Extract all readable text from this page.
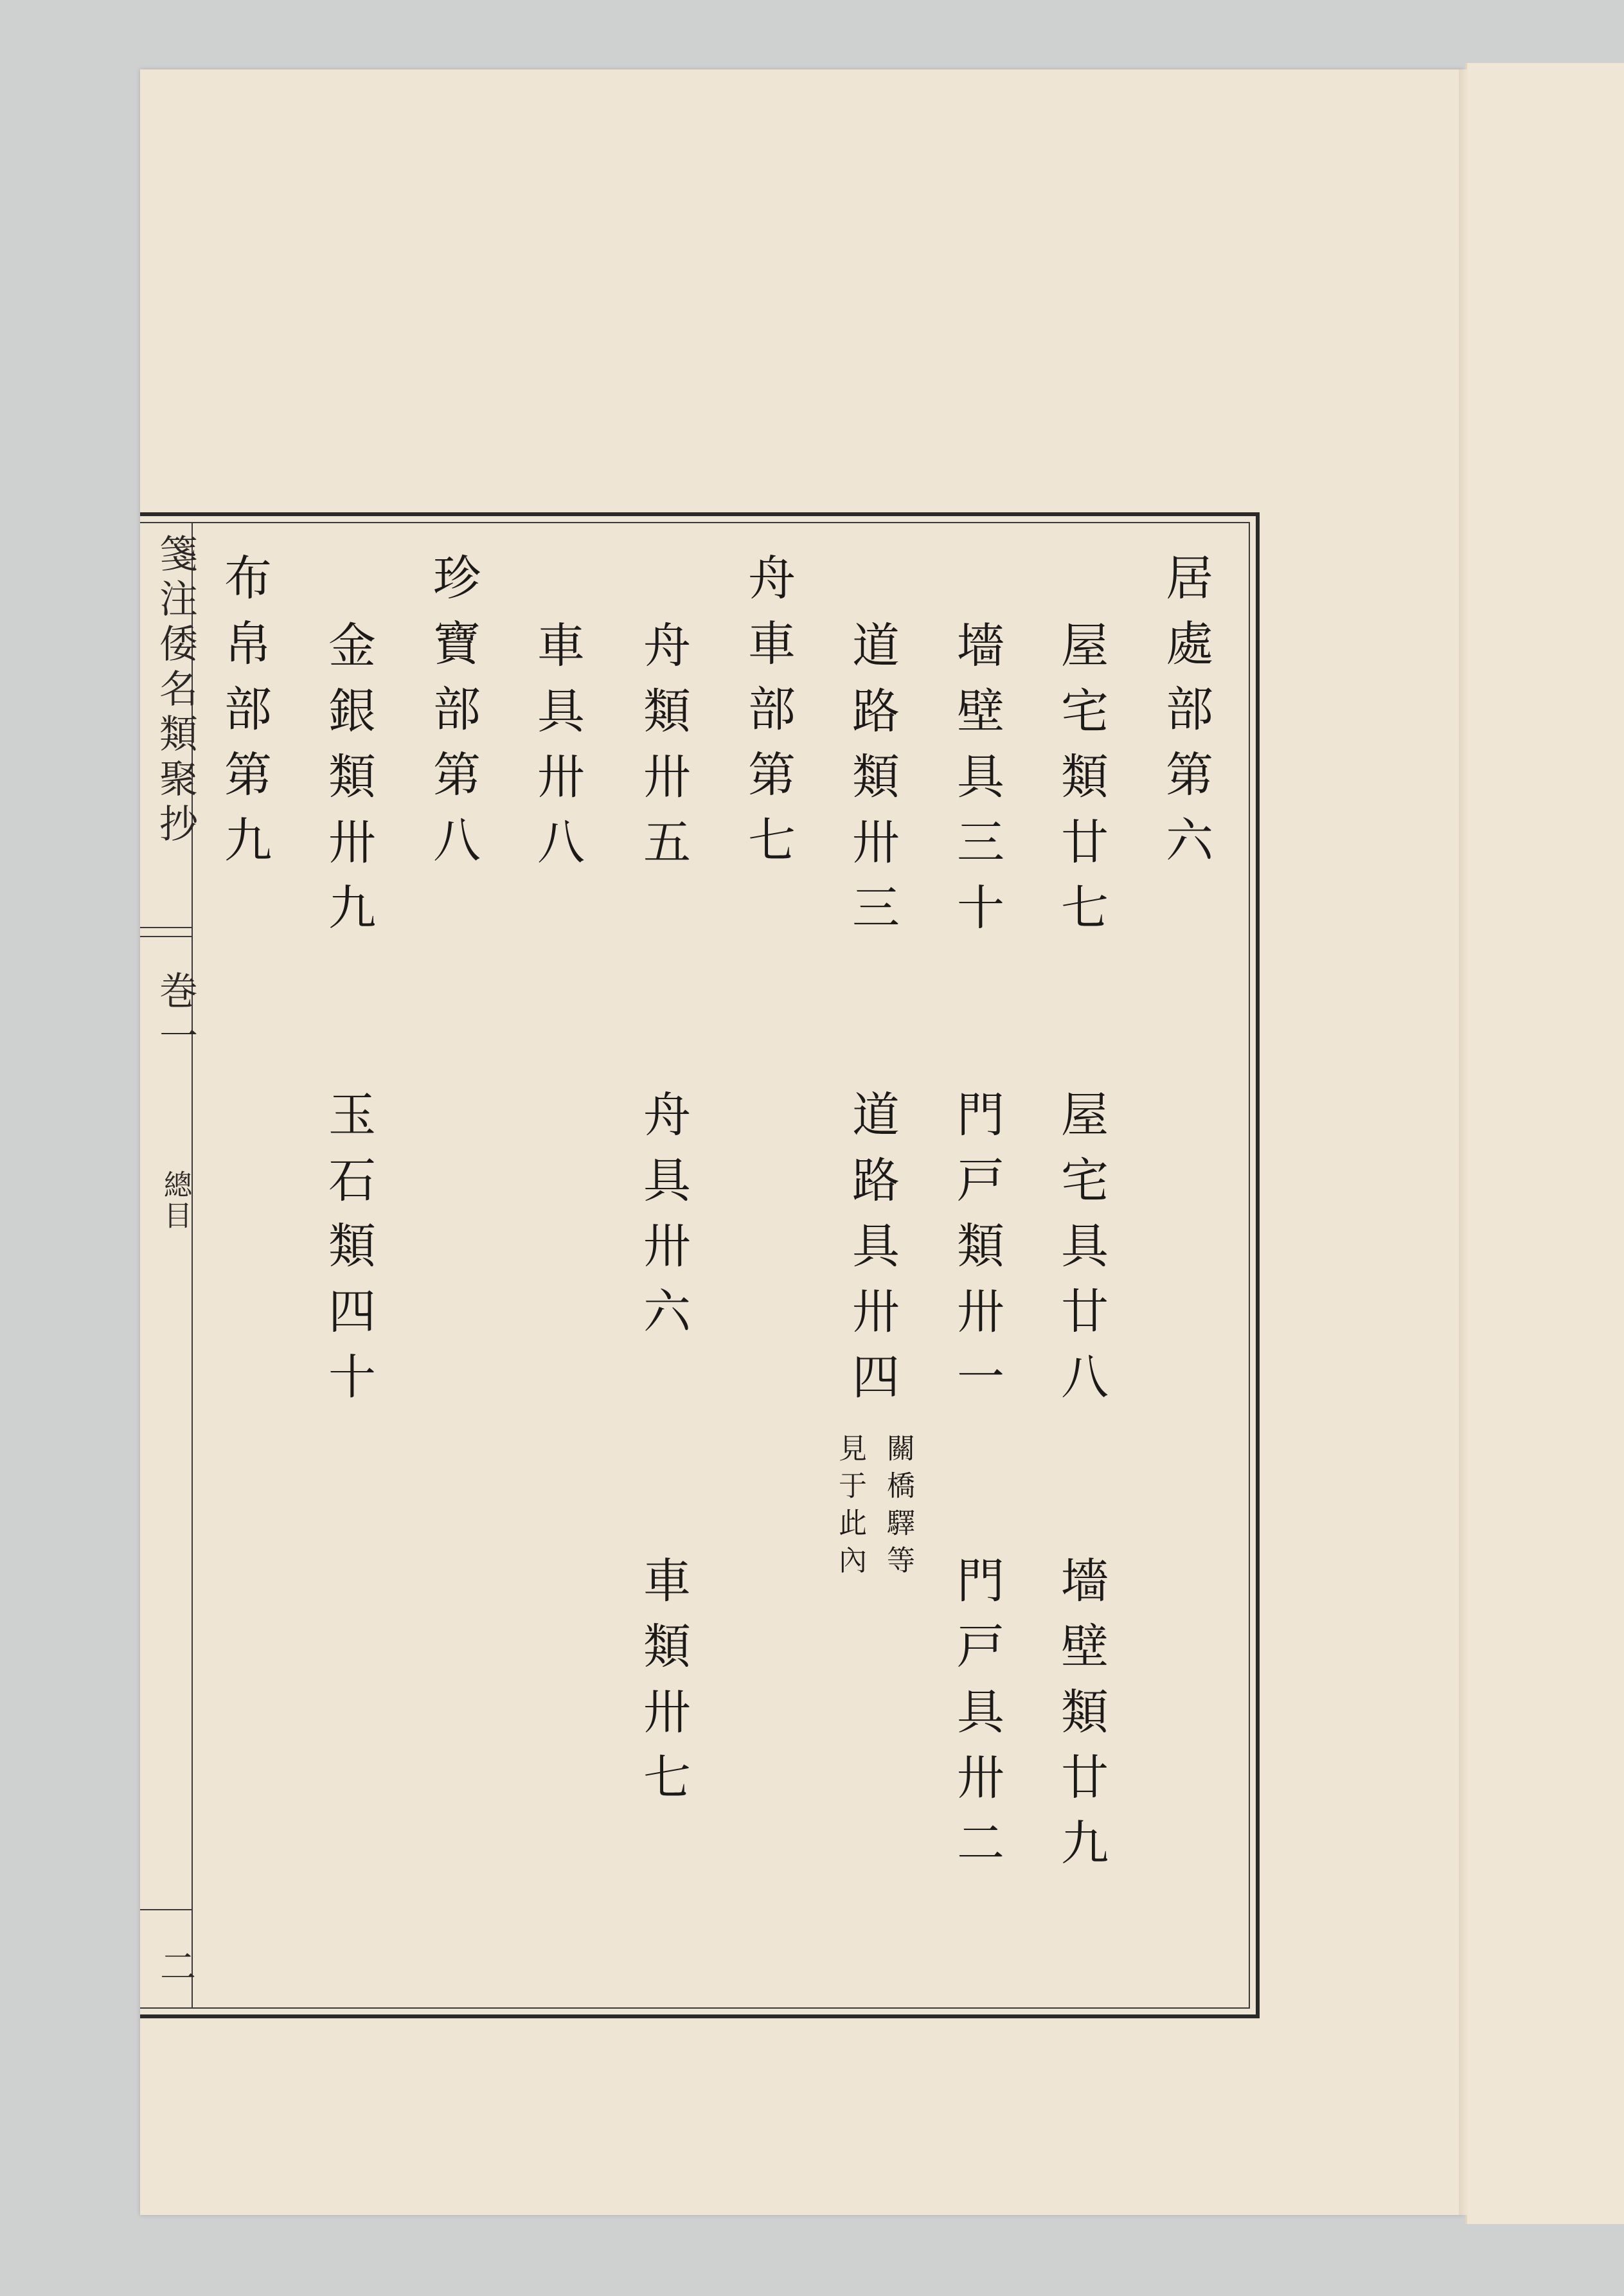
箋注倭名類聚抄
巻一
總目
二
居處部第六
屋宅類廿七
屋宅具廿八
墻壁類廿九
墻壁具三十
門戸類卅一
門戸具卅二
道路類卅三
道路具卅四
關橋驛等
見于此內
舟車部第七
舟類卅五
舟具卅六
車類卅七
車具卅八
珍寶部第八
金銀類卅九
玉石類四十
布帛部第九
